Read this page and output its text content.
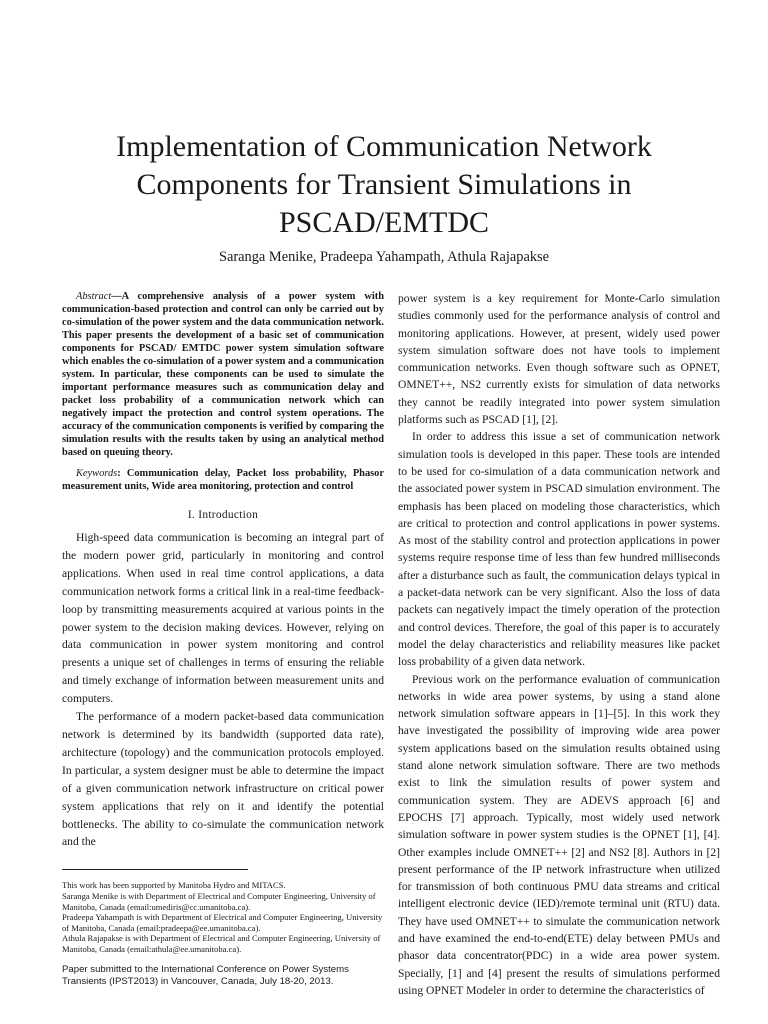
Implementation of Communication Network Components for Transient Simulations in PSCAD/EMTDC

Saranga Menike, Pradeepa Yahampath, Athula Rajapakse

Abstract—A comprehensive analysis of a power system with communication-based protection and control can only be carried out by co-simulation of the power system and the data communication network. This paper presents the development of a basic set of communication components for PSCAD/ EMTDC power system simulation software which enables the co-simulation of a power system and a communication system. In particular, these components can be used to simulate the important performance measures such as communication delay and packet loss probability of a communication network which can negatively impact the protection and control system operations. The accuracy of the communication components is verified by comparing the simulation results with the results taken by using an analytical method based on queuing theory.

Keywords: Communication delay, Packet loss probability, Phasor measurement units, Wide area monitoring, protection and control

I. Introduction

High-speed data communication is becoming an integral part of the modern power grid, particularly in monitoring and control applications. When used in real time control applications, a data communication network forms a critical link in a real-time feedback-loop by transmitting measurements acquired at various points in the power system to the decision making devices. However, relying on data communication in power system monitoring and control presents a unique set of challenges in terms of ensuring the reliable and timely exchange of information between measurement units and computers.

The performance of a modern packet-based data communication network is determined by its bandwidth (supported data rate), architecture (topology) and the communication protocols employed. In particular, a system designer must be able to determine the impact of a given communication network infrastructure on critical power system applications that rely on it and identify the potential bottlenecks. The ability to co-simulate the communication network and the

This work has been supported by Manitoba Hydro and MITACS.

Saranga Menike is with Department of Electrical and Computer Engineering, University of Manitoba, Canada (email:umediris@cc.umanitoba.ca).

Pradeepa Yahampath is with Department of Electrical and Computer Engineering, University of Manitoba, Canada (email:pradeepa@ee.umanitoba.ca).

Athula Rajapakse is with Department of Electrical and Computer Engineering, University of Manitoba, Canada (email:athula@ee.umanitoba.ca).

Paper submitted to the International Conference on Power Systems Transients (IPST2013) in Vancouver, Canada, July 18-20, 2013.

power system is a key requirement for Monte-Carlo simulation studies commonly used for the performance analysis of control and monitoring applications. However, at present, widely used power system simulation software does not have tools to implement communication networks. Even though software such as OPNET, OMNET++, NS2 currently exists for simulation of data networks they cannot be readily integrated into power system simulation platforms such as PSCAD [1], [2].

In order to address this issue a set of communication network simulation tools is developed in this paper. These tools are intended to be used for co-simulation of a data communication network and the associated power system in PSCAD simulation environment. The emphasis has been placed on modeling those characteristics, which are critical to protection and control applications in power systems. As most of the stability control and protection applications in power systems require response time of less than few hundred milliseconds after a disturbance such as fault, the communication delays typical in a packet-data network can be very significant. Also the loss of data packets can negatively impact the timely operation of the protection and control devices. Therefore, the goal of this paper is to accurately model the delay characteristics and reliability measures like packet loss probability of a given data network.

Previous work on the performance evaluation of communication networks in wide area power systems, by using a stand alone network simulation software appears in [1]–[5]. In this work they have investigated the possibility of improving wide area power system applications based on the simulation results obtained using stand alone network simulation software. There are two methods exist to link the simulation results of power system and communication system. They are ADEVS approach [6] and EPOCHS [7] approach. Typically, most widely used network simulation software in power system studies is the OPNET [1], [4]. Other examples include OMNET++ [2] and NS2 [8]. Authors in [2] present performance of the IP network infrastructure when utilized for transmission of both continuous PMU data streams and critical intelligent electronic device (IED)/remote terminal unit (RTU) data. They have used OMNET++ to simulate the communication network and have examined the end-to-end(ETE) delay between PMUs and phasor data concentrator(PDC) in a wide area power system. Specially, [1] and [4] present the results of simulations performed using OPNET Modeler in order to determine the characteristics of
